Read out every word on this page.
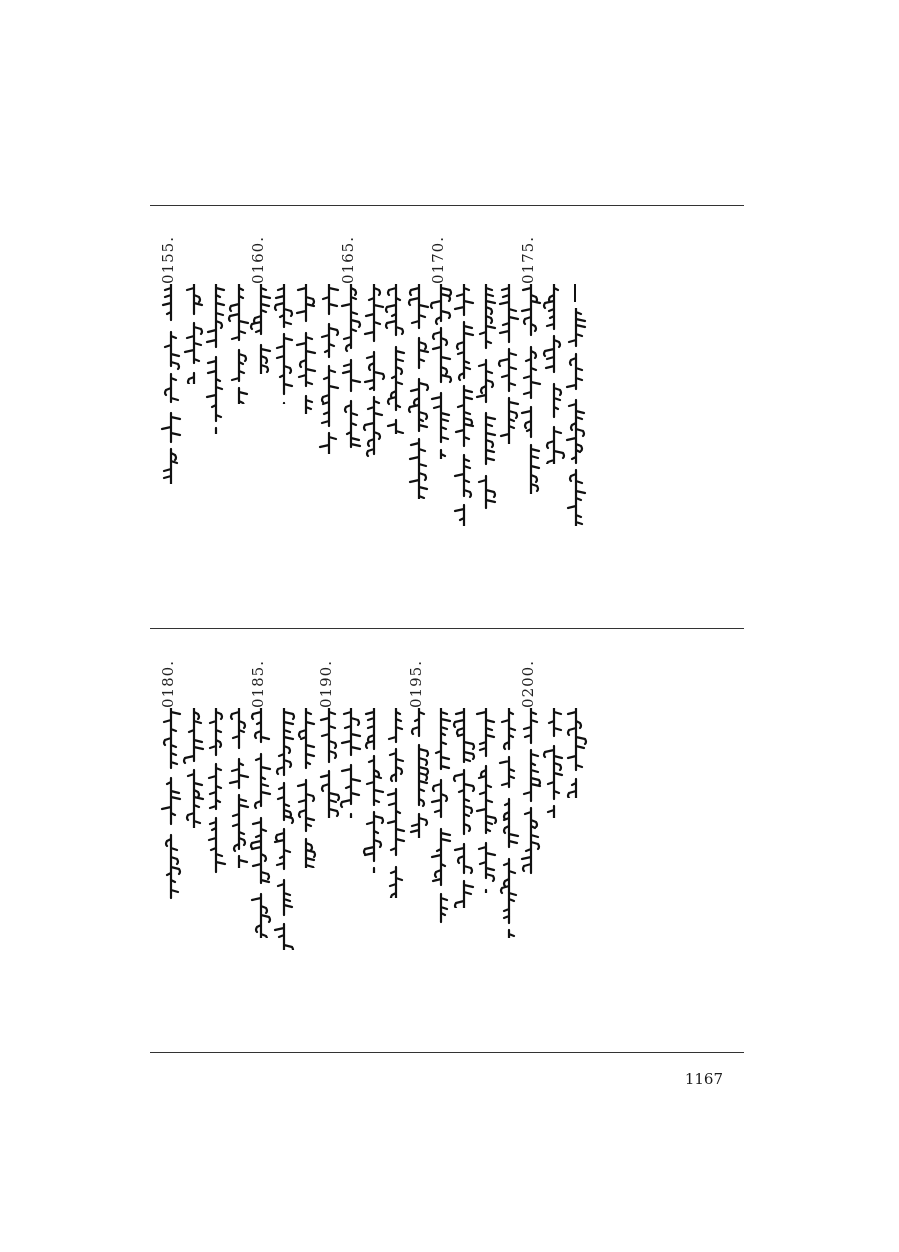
0155.	0160.	0165.	0170.	0175.
0180.	0185.	0190.	0195.	0200.
1167
